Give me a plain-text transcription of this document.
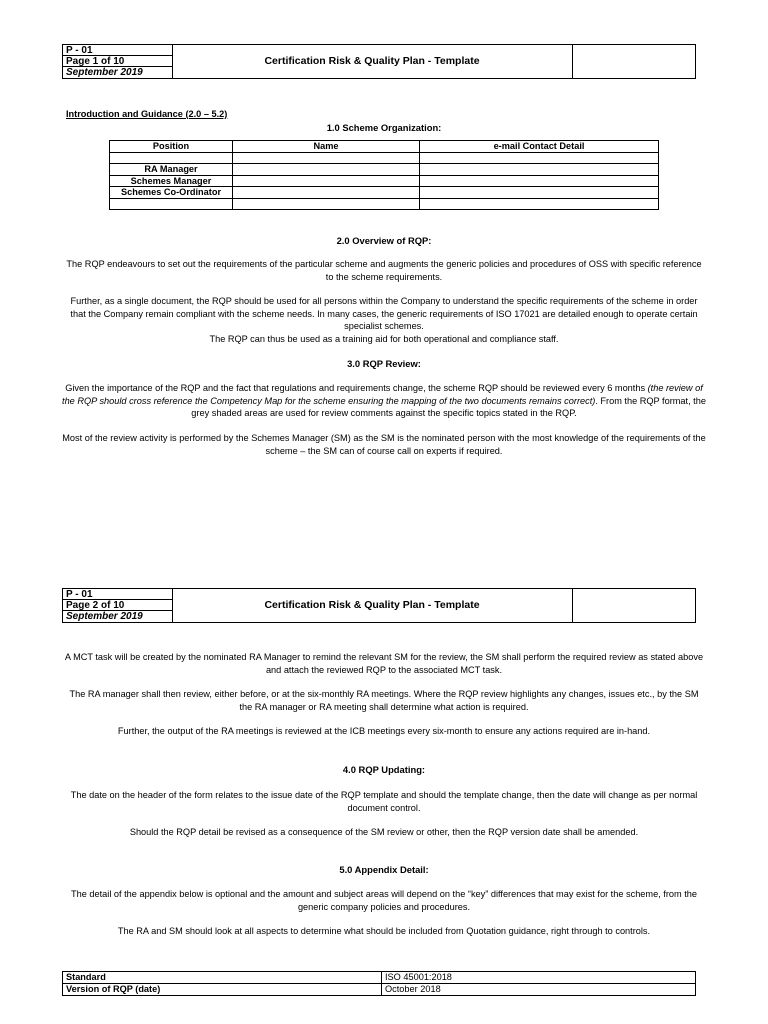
P - 01
Page 1 of 10
September 2019
Certification Risk & Quality Plan - Template
Introduction and Guidance (2.0 – 5.2)
1.0 Scheme Organization:
Position	Name	e-mail Contact Detail

RA Manager		
Schemes Manager		
Schemes Co-Ordinator		

2.0 Overview of RQP:
The RQP endeavours to set out the requirements of the particular scheme and augments the generic policies and procedures of OSS with specific reference to the scheme requirements.
Further, as a single document, the RQP should be used for all persons within the Company to understand the specific requirements of the scheme in order that the Company remain compliant with the scheme needs. In many cases, the generic requirements of ISO 17021 are detailed enough to operate certain specialist schemes.
The RQP can thus be used as a training aid for both operational and compliance staff.
3.0 RQP Review:
Given the importance of the RQP and the fact that regulations and requirements change, the scheme RQP should be reviewed every 6 months (the review of the RQP should cross reference the Competency Map for the scheme ensuring the mapping of the two documents remains correct). From the RQP format, the grey shaded areas are used for review comments against the specific topics stated in the RQP.
Most of the review activity is performed by the Schemes Manager (SM) as the SM is the nominated person with the most knowledge of the requirements of the scheme – the SM can of course call on experts if required.
P - 01
Page 2 of 10
September 2019
Certification Risk & Quality Plan - Template
A MCT task will be created by the nominated RA Manager to remind the relevant SM for the review, the SM shall perform the required review as stated above and attach the reviewed RQP to the associated MCT task.
The RA manager shall then review, either before, or at the six-monthly RA meetings. Where the RQP review highlights any changes, issues etc., by the SM the RA manager or RA meeting shall determine what action is required.
Further, the output of the RA meetings is reviewed at the ICB meetings every six-month to ensure any actions required are in-hand.
4.0 RQP Updating:
The date on the header of the form relates to the issue date of the RQP template and should the template change, then the date will change as per normal document control.
Should the RQP detail be revised as a consequence of the SM review or other, then the RQP version date shall be amended.
5.0 Appendix Detail:
The detail of the appendix below is optional and the amount and subject areas will depend on the “key” differences that may exist for the scheme, from the generic company policies and procedures.
The RA and SM should look at all aspects to determine what should be included from Quotation guidance, right through to controls.
Standard	ISO 45001:2018
Version of RQP (date)	October 2018
